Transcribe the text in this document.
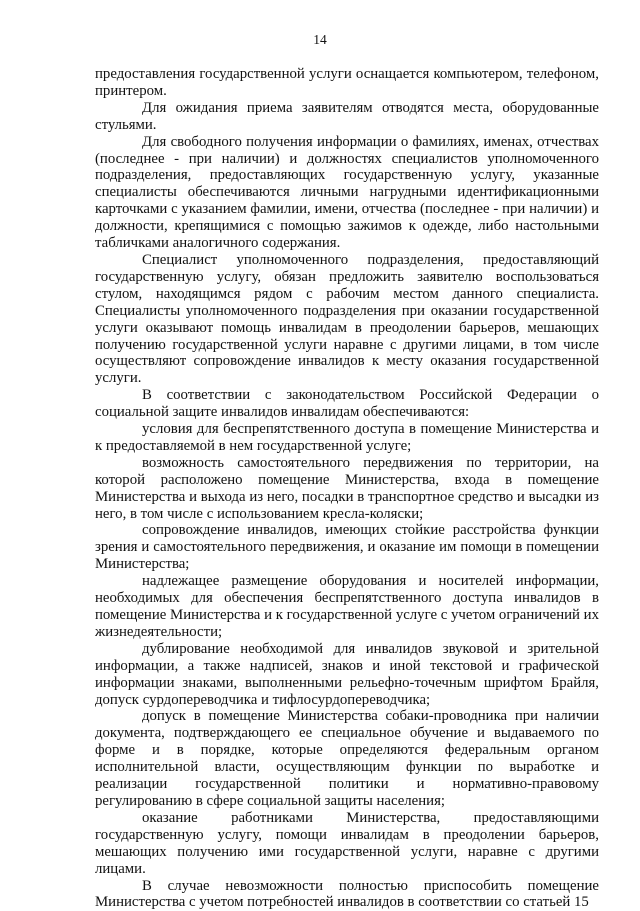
14

предоставления государственной услуги оснащается компьютером, телефоном, принтером.

Для ожидания приема заявителям отводятся места, оборудованные стульями.

Для свободного получения информации о фамилиях, именах, отчествах (последнее - при наличии) и должностях специалистов уполномоченного подразделения, предоставляющих государственную услугу, указанные специалисты обеспечиваются личными нагрудными идентификационными карточками с указанием фамилии, имени, отчества (последнее - при наличии) и должности, крепящимися с помощью зажимов к одежде, либо настольными табличками аналогичного содержания.

Специалист уполномоченного подразделения, предоставляющий государственную услугу, обязан предложить заявителю воспользоваться стулом, находящимся рядом с рабочим местом данного специалиста. Специалисты уполномоченного подразделения при оказании государственной услуги оказывают помощь инвалидам в преодолении барьеров, мешающих получению государственной услуги наравне с другими лицами, в том числе осуществляют сопровождение инвалидов к месту оказания государственной услуги.

В соответствии с законодательством Российской Федерации о социальной защите инвалидов инвалидам обеспечиваются:

условия для беспрепятственного доступа в помещение Министерства и к предоставляемой в нем государственной услуге;

возможность самостоятельного передвижения по территории, на которой расположено помещение Министерства, входа в помещение Министерства и выхода из него, посадки в транспортное средство и высадки из него, в том числе с использованием кресла-коляски;

сопровождение инвалидов, имеющих стойкие расстройства функции зрения и самостоятельного передвижения, и оказание им помощи в помещении Министерства;

надлежащее размещение оборудования и носителей информации, необходимых для обеспечения беспрепятственного доступа инвалидов в помещение Министерства и к государственной услуге с учетом ограничений их жизнедеятельности;

дублирование необходимой для инвалидов звуковой и зрительной информации, а также надписей, знаков и иной текстовой и графической информации знаками, выполненными рельефно-точечным шрифтом Брайля, допуск сурдопереводчика и тифлосурдопереводчика;

допуск в помещение Министерства собаки-проводника при наличии документа, подтверждающего ее специальное обучение и выдаваемого по форме и в порядке, которые определяются федеральным органом исполнительной власти, осуществляющим функции по выработке и реализации государственной политики и нормативно-правовому регулированию в сфере социальной защиты населения;

оказание работниками Министерства, предоставляющими государственную услугу, помощи инвалидам в преодолении барьеров, мешающих получению ими государственной услуги, наравне с другими лицами.

В случае невозможности полностью приспособить помещение Министерства с учетом потребностей инвалидов в соответствии со статьей 15
